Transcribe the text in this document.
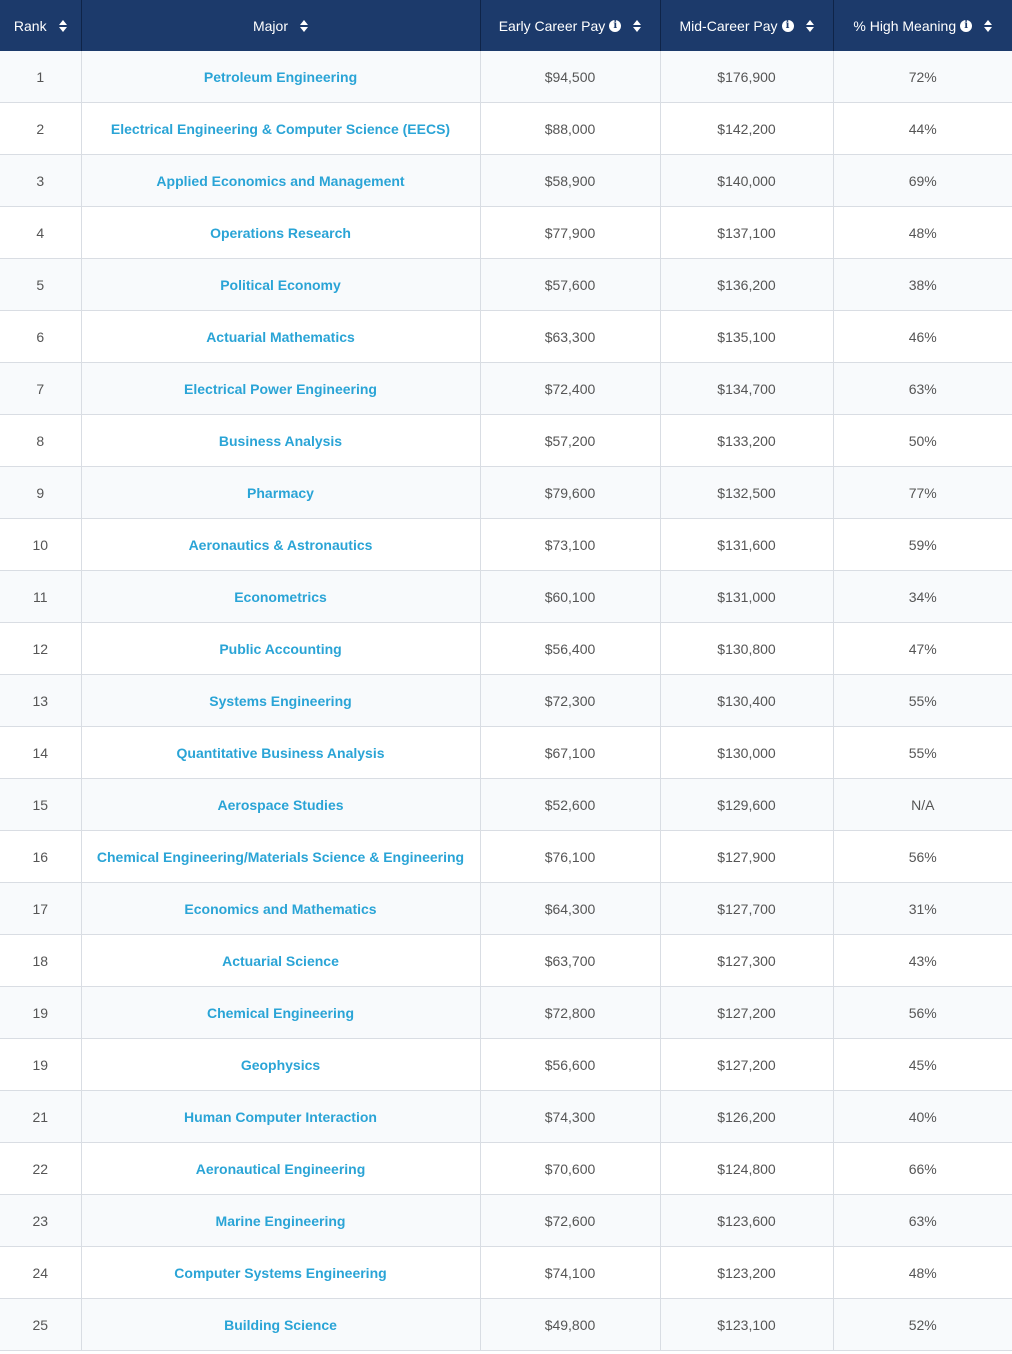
Rank	Major	Early Career Pay i	Mid-Career Pay i	% High Meaning i

1	Petroleum Engineering	$94,500	$176,900	72%
2	Electrical Engineering & Computer Science (EECS)	$88,000	$142,200	44%
3	Applied Economics and Management	$58,900	$140,000	69%
4	Operations Research	$77,900	$137,100	48%
5	Political Economy	$57,600	$136,200	38%
6	Actuarial Mathematics	$63,300	$135,100	46%
7	Electrical Power Engineering	$72,400	$134,700	63%
8	Business Analysis	$57,200	$133,200	50%
9	Pharmacy	$79,600	$132,500	77%
10	Aeronautics & Astronautics	$73,100	$131,600	59%
11	Econometrics	$60,100	$131,000	34%
12	Public Accounting	$56,400	$130,800	47%
13	Systems Engineering	$72,300	$130,400	55%
14	Quantitative Business Analysis	$67,100	$130,000	55%
15	Aerospace Studies	$52,600	$129,600	N/A
16	Chemical Engineering/Materials Science & Engineering	$76,100	$127,900	56%
17	Economics and Mathematics	$64,300	$127,700	31%
18	Actuarial Science	$63,700	$127,300	43%
19	Chemical Engineering	$72,800	$127,200	56%
19	Geophysics	$56,600	$127,200	45%
21	Human Computer Interaction	$74,300	$126,200	40%
22	Aeronautical Engineering	$70,600	$124,800	66%
23	Marine Engineering	$72,600	$123,600	63%
24	Computer Systems Engineering	$74,100	$123,200	48%
25	Building Science	$49,800	$123,100	52%
